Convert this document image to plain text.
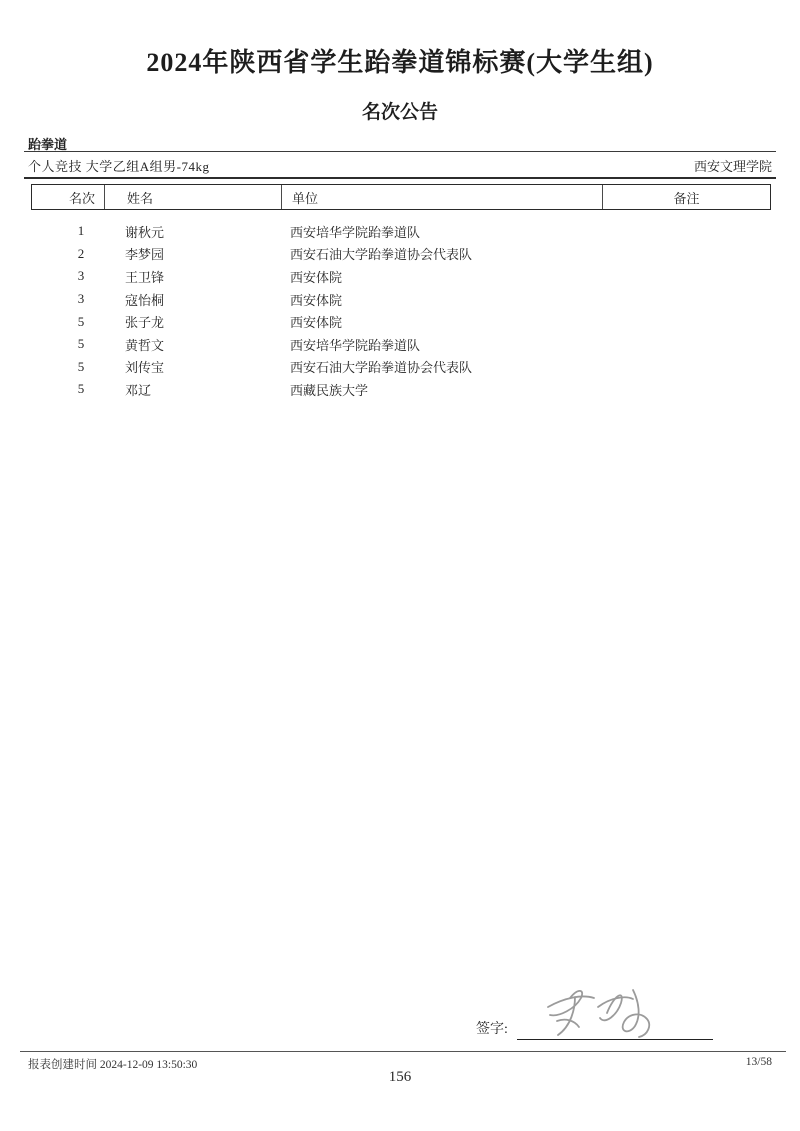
2024年陕西省学生跆拳道锦标赛(大学生组)
名次公告
跆拳道
个人竞技 大学乙组A组男-74kg	西安文理学院
名次	姓名	单位	备注
1	谢秋元	西安培华学院跆拳道队
2	李梦园	西安石油大学跆拳道协会代表队
3	王卫锋	西安体院
3	寇怡桐	西安体院
5	张子龙	西安体院
5	黄哲文	西安培华学院跆拳道队
5	刘传宝	西安石油大学跆拳道协会代表队
5	邓辽	西藏民族大学
签字:
报表创建时间 2024-12-09 13:50:30	13/58
156
